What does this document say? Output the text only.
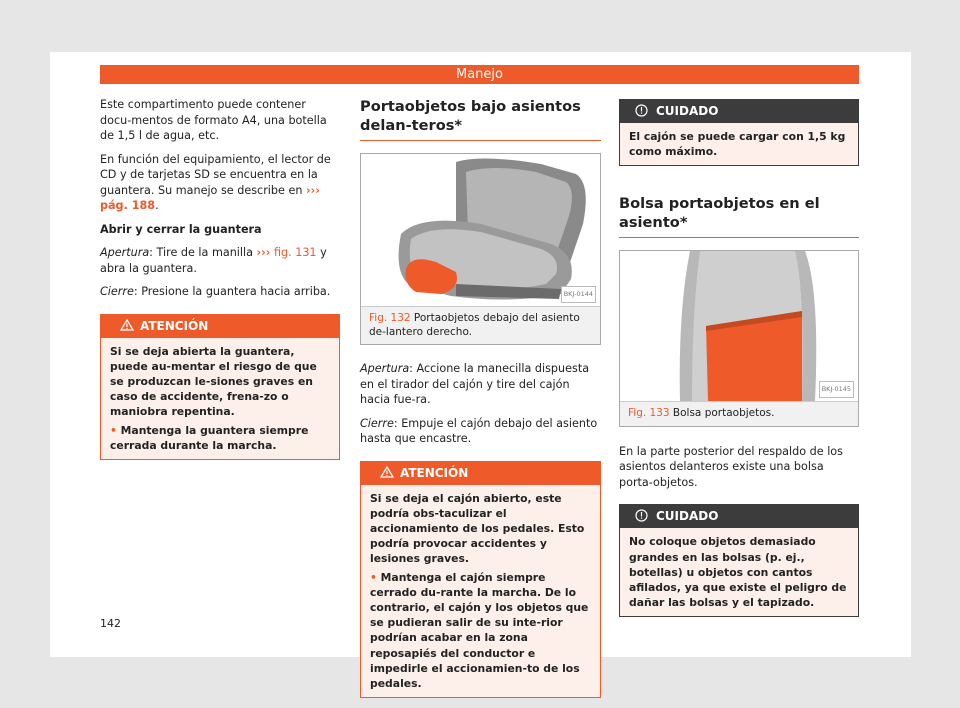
Manejo

Este compartimento puede contener docu-mentos de formato A4, una botella de 1,5 l de agua, etc.

En función del equipamiento, el lector de CD y de tarjetas SD se encuentra en la guantera. Su manejo se describe en ››› pág. 188.

Abrir y cerrar la guantera

Apertura: Tire de la manilla ››› fig. 131 y abra la guantera.

Cierre: Presione la guantera hacia arriba.

ATENCIÓN

Si se deja abierta la guantera, puede au-mentar el riesgo de que se produzcan le-siones graves en caso de accidente, frena-zo o maniobra repentina.

• Mantenga la guantera siempre cerrada durante la marcha.

Portaobjetos bajo asientos delan-teros*
BKJ-0144
Fig. 132 Portaobjetos debajo del asiento de-lantero derecho.

Apertura: Accione la manecilla dispuesta en el tirador del cajón y tire del cajón hacia fue-ra.

Cierre: Empuje el cajón debajo del asiento hasta que encastre.

ATENCIÓN

Si se deja el cajón abierto, este podría obs-taculizar el accionamiento de los pedales. Esto podría provocar accidentes y lesiones graves.

• Mantenga el cajón siempre cerrado du-rante la marcha. De lo contrario, el cajón y los objetos que se pudieran salir de su inte-rior podrían acabar en la zona reposapiés del conductor e impedirle el accionamien-to de los pedales.

CUIDADO
El cajón se puede cargar con 1,5 kg como máximo.
Bolsa portaobjetos en el asiento*
BKJ-0145
Fig. 133 Bolsa portaobjetos.

En la parte posterior del respaldo de los asientos delanteros existe una bolsa porta-objetos.

CUIDADO
No coloque objetos demasiado grandes en las bolsas (p. ej., botellas) u objetos con cantos afilados, ya que existe el peligro de dañar las bolsas y el tapizado.
142
